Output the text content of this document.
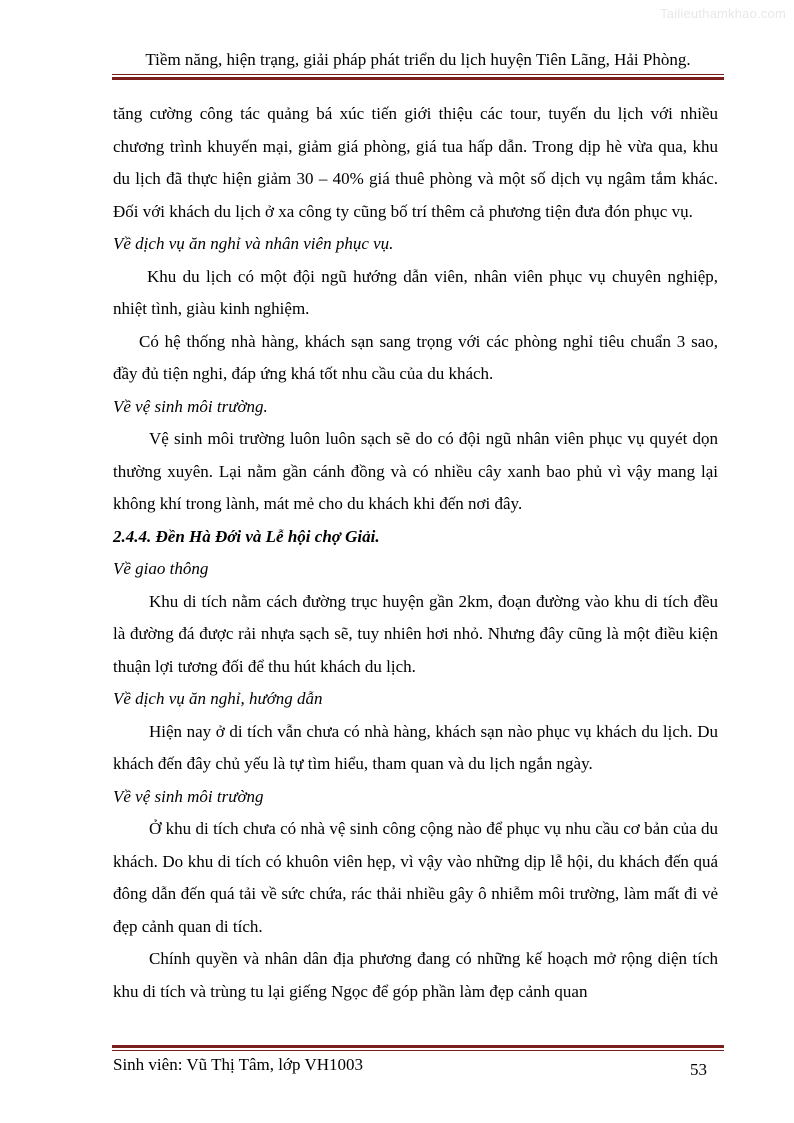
Tailieuthamkhao.com
Tiềm năng, hiện trạng, giải pháp phát triển du lịch huyện Tiên Lãng, Hải Phòng.

tăng cường công tác quảng bá xúc tiến giới thiệu các tour, tuyến du lịch với nhiều chương trình khuyến mại, giảm giá phòng, giá tua hấp dẫn. Trong dịp hè vừa qua, khu du lịch đã thực hiện giảm 30 – 40% giá thuê phòng và một số dịch vụ ngâm tắm khác. Đối với khách du lịch ở xa công ty cũng bố trí thêm cả phương tiện đưa đón phục vụ.

Về dịch vụ ăn nghỉ và nhân viên phục vụ.

Khu du lịch có một đội ngũ hướng dẫn viên, nhân viên phục vụ chuyên nghiệp, nhiệt tình, giàu kinh nghiệm.

Có hệ thống nhà hàng, khách sạn sang trọng với các phòng nghỉ tiêu chuẩn 3 sao, đầy đủ tiện nghi, đáp ứng khá tốt nhu cầu của du khách.

Về vệ sinh môi trường.

Vệ sinh môi trường luôn luôn sạch sẽ do có đội ngũ nhân viên phục vụ quyét dọn thường xuyên. Lại nằm gần cánh đồng và có nhiều cây xanh bao phủ vì vậy mang lại không khí trong lành, mát mẻ cho du khách khi đến nơi đây.

2.4.4. Đền Hà Đới và Lễ hội chợ Giải.

Về giao thông

Khu di tích nằm cách đường trục huyện gần 2km, đoạn đường vào khu di tích đều là đường đá được rải nhựa sạch sẽ, tuy nhiên hơi nhỏ. Nhưng đây cũng là một điều kiện thuận lợi tương đối để thu hút khách du lịch.

Về dịch vụ ăn nghỉ, hướng dẫn

Hiện nay ở di tích vẫn chưa có nhà hàng, khách sạn nào phục vụ khách du lịch. Du khách đến đây chủ yếu là tự tìm hiểu, tham quan và du lịch ngắn ngày.

Về vệ sinh môi trường

Ở khu di tích chưa có nhà vệ sinh công cộng nào để phục vụ nhu cầu cơ bản của du khách. Do khu di tích có khuôn viên hẹp, vì vậy vào những dịp lễ hội, du khách đến quá đông dẫn đến quá tải về sức chứa, rác thải nhiều gây ô nhiễm môi trường, làm mất đi vẻ đẹp cảnh quan di tích.

Chính quyền và nhân dân địa phương đang có những kế hoạch mở rộng diện tích khu di tích và trùng tu lại giếng Ngọc để góp phần làm đẹp cảnh quan

Sinh viên: Vũ Thị Tâm, lớp VH1003	53
